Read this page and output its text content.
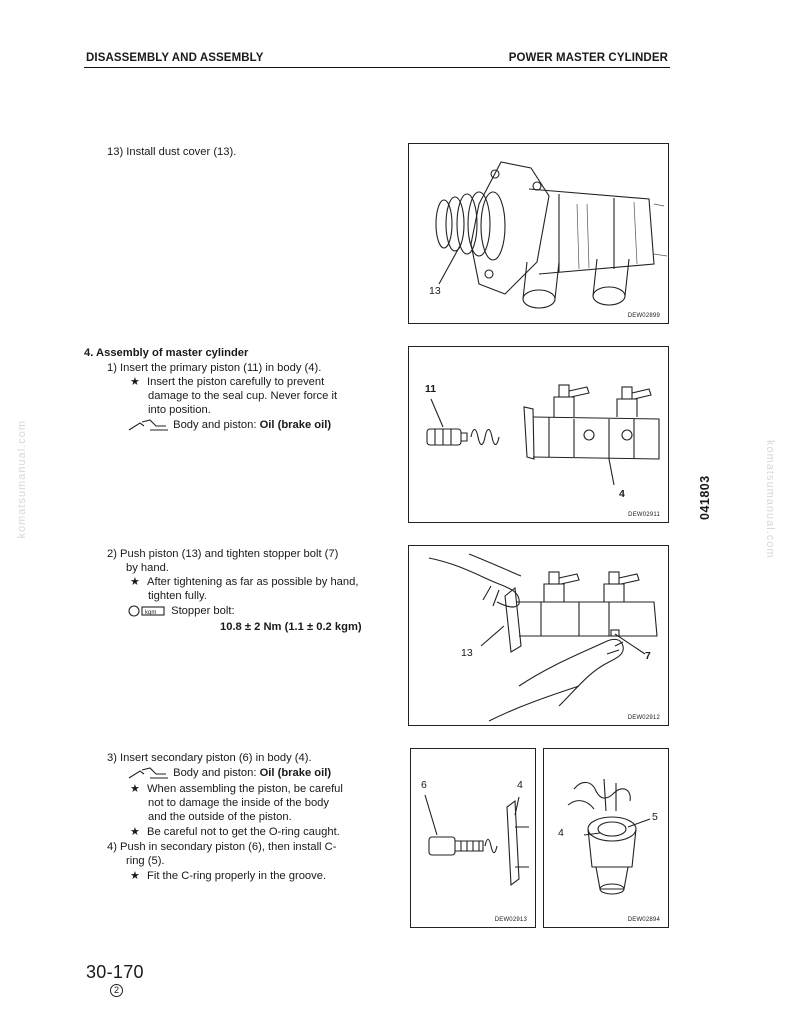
DISASSEMBLY AND ASSEMBLY	POWER MASTER CYLINDER
13) Install dust cover (13).
13
DEW02899
4. Assembly of master cylinder
1) Insert the primary piston (11) in body (4).
★ Insert the piston carefully to prevent
damage to the seal cup. Never force it
into position.
Body and piston: Oil (brake oil)
11
4
DEW02911	041803
2) Push piston (13) and tighten stopper bolt (7)
by hand.
★ After tightening as far as possible by hand,
tighten fully.
kgm Stopper bolt:
10.8 ± 2 Nm (1.1 ± 0.2 kgm)
13	7
DEW02912
3) Insert secondary piston (6) in body (4).
Body and piston: Oil (brake oil)
★ When assembling the piston, be careful
not to damage the inside of the body
and the outside of the piston.
★ Be careful not to get the O-ring caught.
4) Push in secondary piston (6), then install C-
ring (5).
★ Fit the C-ring properly in the groove.
6	4
DEW02913
5
4
DEW02894
komatsumanual.com	komatsumanual.com
30-170
2
